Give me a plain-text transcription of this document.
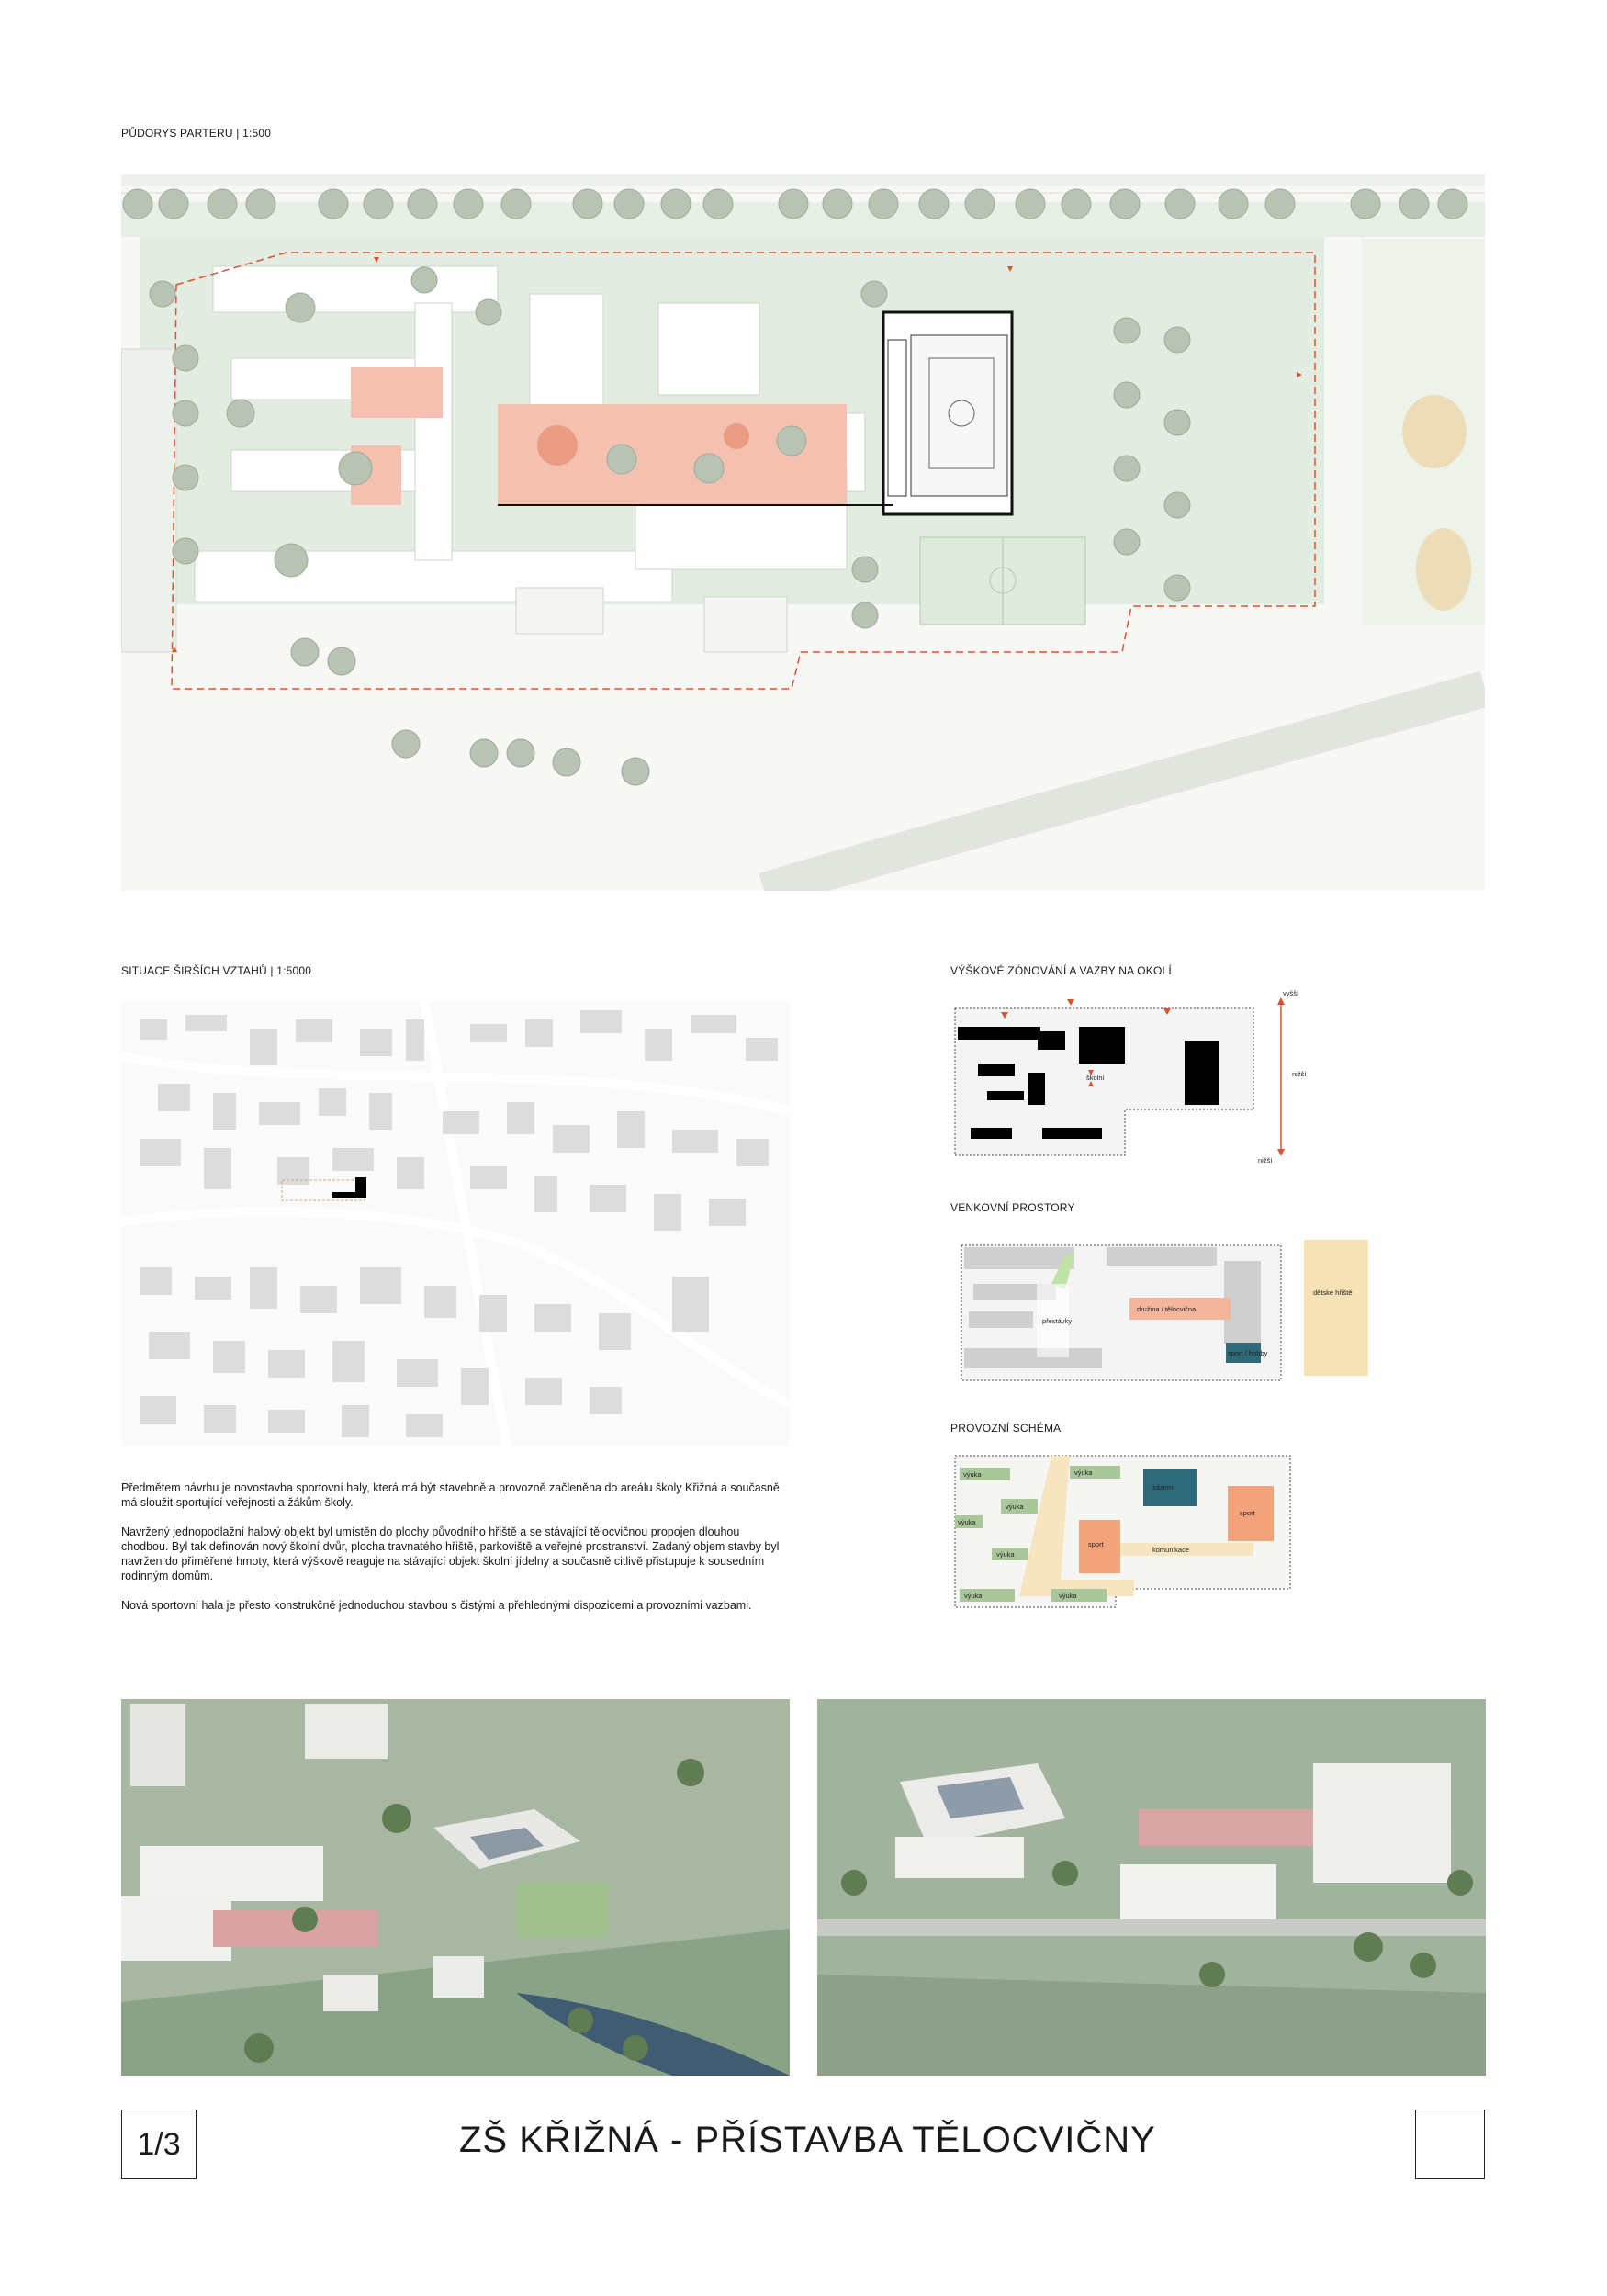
PŮDORYS PARTERU | 1:500
SITUACE ŠIRŠÍCH VZTAHŮ | 1:5000

Předmětem návrhu je novostavba sportovní haly, která má být stavebně a provozně začleněna do areálu školy Křižná a současně má sloužit sportující veřejnosti a žákům školy.

Navržený jednopodlažní halový objekt byl umístěn do plochy původního hřiště a se stávající tělocvičnou propojen dlouhou chodbou. Byl tak definován nový školní dvůr, plocha travnatého hřiště, parkoviště a veřejné prostranství. Zadaný objem stavby byl navržen do přiměřené hmoty, která výškově reaguje na stávající objekt školní jídelny a současně citlivě přistupuje k sousedním rodinným domům.

Nová sportovní hala je přesto konstrukčně jednoduchou stavbou s čistými a přehlednými dispozicemi a provozními vazbami.

VÝŠKOVÉ ZÓNOVÁNÍ A VAZBY NA OKOLÍ
vyšší
nižší
nižší
školní
VENKOVNÍ PROSTORY
přestávky
družina / tělocvična
sport / hobby
dětské hřiště
PROVOZNÍ SCHÉMA
výuka	výuka
výuka
výuka
výuka	výuka
výuka
zázemí
sport
sport
komunikace
1/3	ZŠ KŘIŽNÁ - PŘÍSTAVBA TĚLOCVIČNY
